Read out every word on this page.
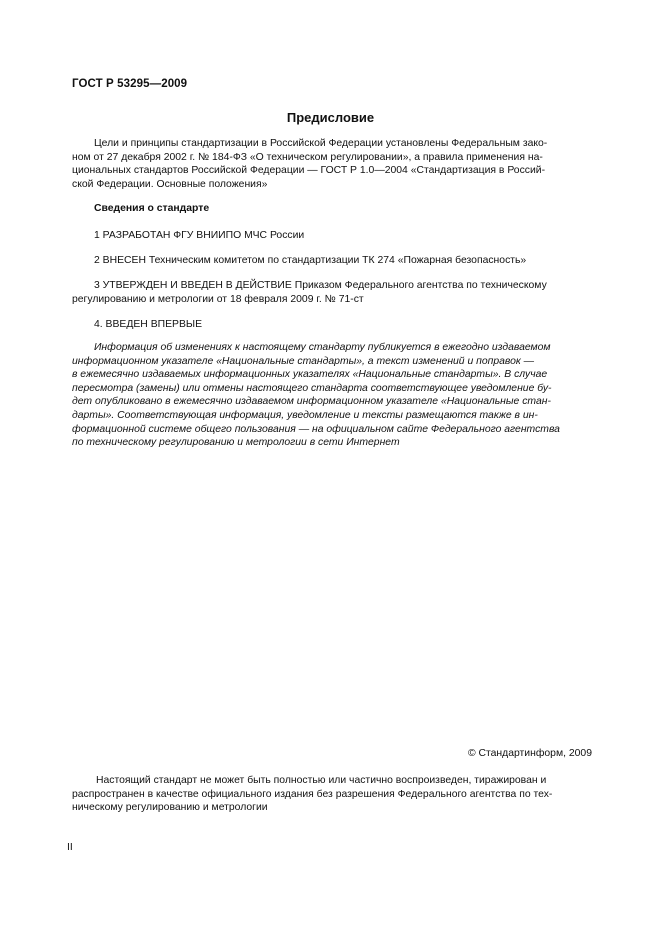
ГОСТ Р 53295—2009
Предисловие
Цели и принципы стандартизации в Российской Федерации установлены Федеральным зако-
ном от 27 декабря 2002 г. № 184-ФЗ «О техническом регулировании», а правила применения на-
циональных стандартов Российской Федерации — ГОСТ Р 1.0—2004 «Стандартизация в Россий-
ской Федерации. Основные положения»
Сведения о стандарте
1 РАЗРАБОТАН ФГУ ВНИИПО МЧС России
2 ВНЕСЕН Техническим комитетом по стандартизации ТК 274 «Пожарная безопасность»
3 УТВЕРЖДЕН И ВВЕДЕН В ДЕЙСТВИЕ Приказом Федерального агентства по техническому
регулированию и метрологии от 18 февраля 2009 г. № 71-ст
4. ВВЕДЕН ВПЕРВЫЕ
Информация об изменениях к настоящему стандарту публикуется в ежегодно издаваемом
информационном указателе «Национальные стандарты», а текст изменений и поправок —
в ежемесячно издаваемых информационных указателях «Национальные стандарты». В случае
пересмотра (замены) или отмены настоящего стандарта соответствующее уведомление бу-
дет опубликовано в ежемесячно издаваемом информационном указателе «Национальные стан-
дарты». Соответствующая информация, уведомление и тексты размещаются также в ин-
формационной системе общего пользования — на официальном сайте Федерального агентства
по техническому регулированию и метрологии в сети Интернет
© Стандартинформ, 2009
Настоящий стандарт не может быть полностью или частично воспроизведен, тиражирован и
распространен в качестве официального издания без разрешения Федерального агентства по тех-
ническому регулированию и метрологии
II
